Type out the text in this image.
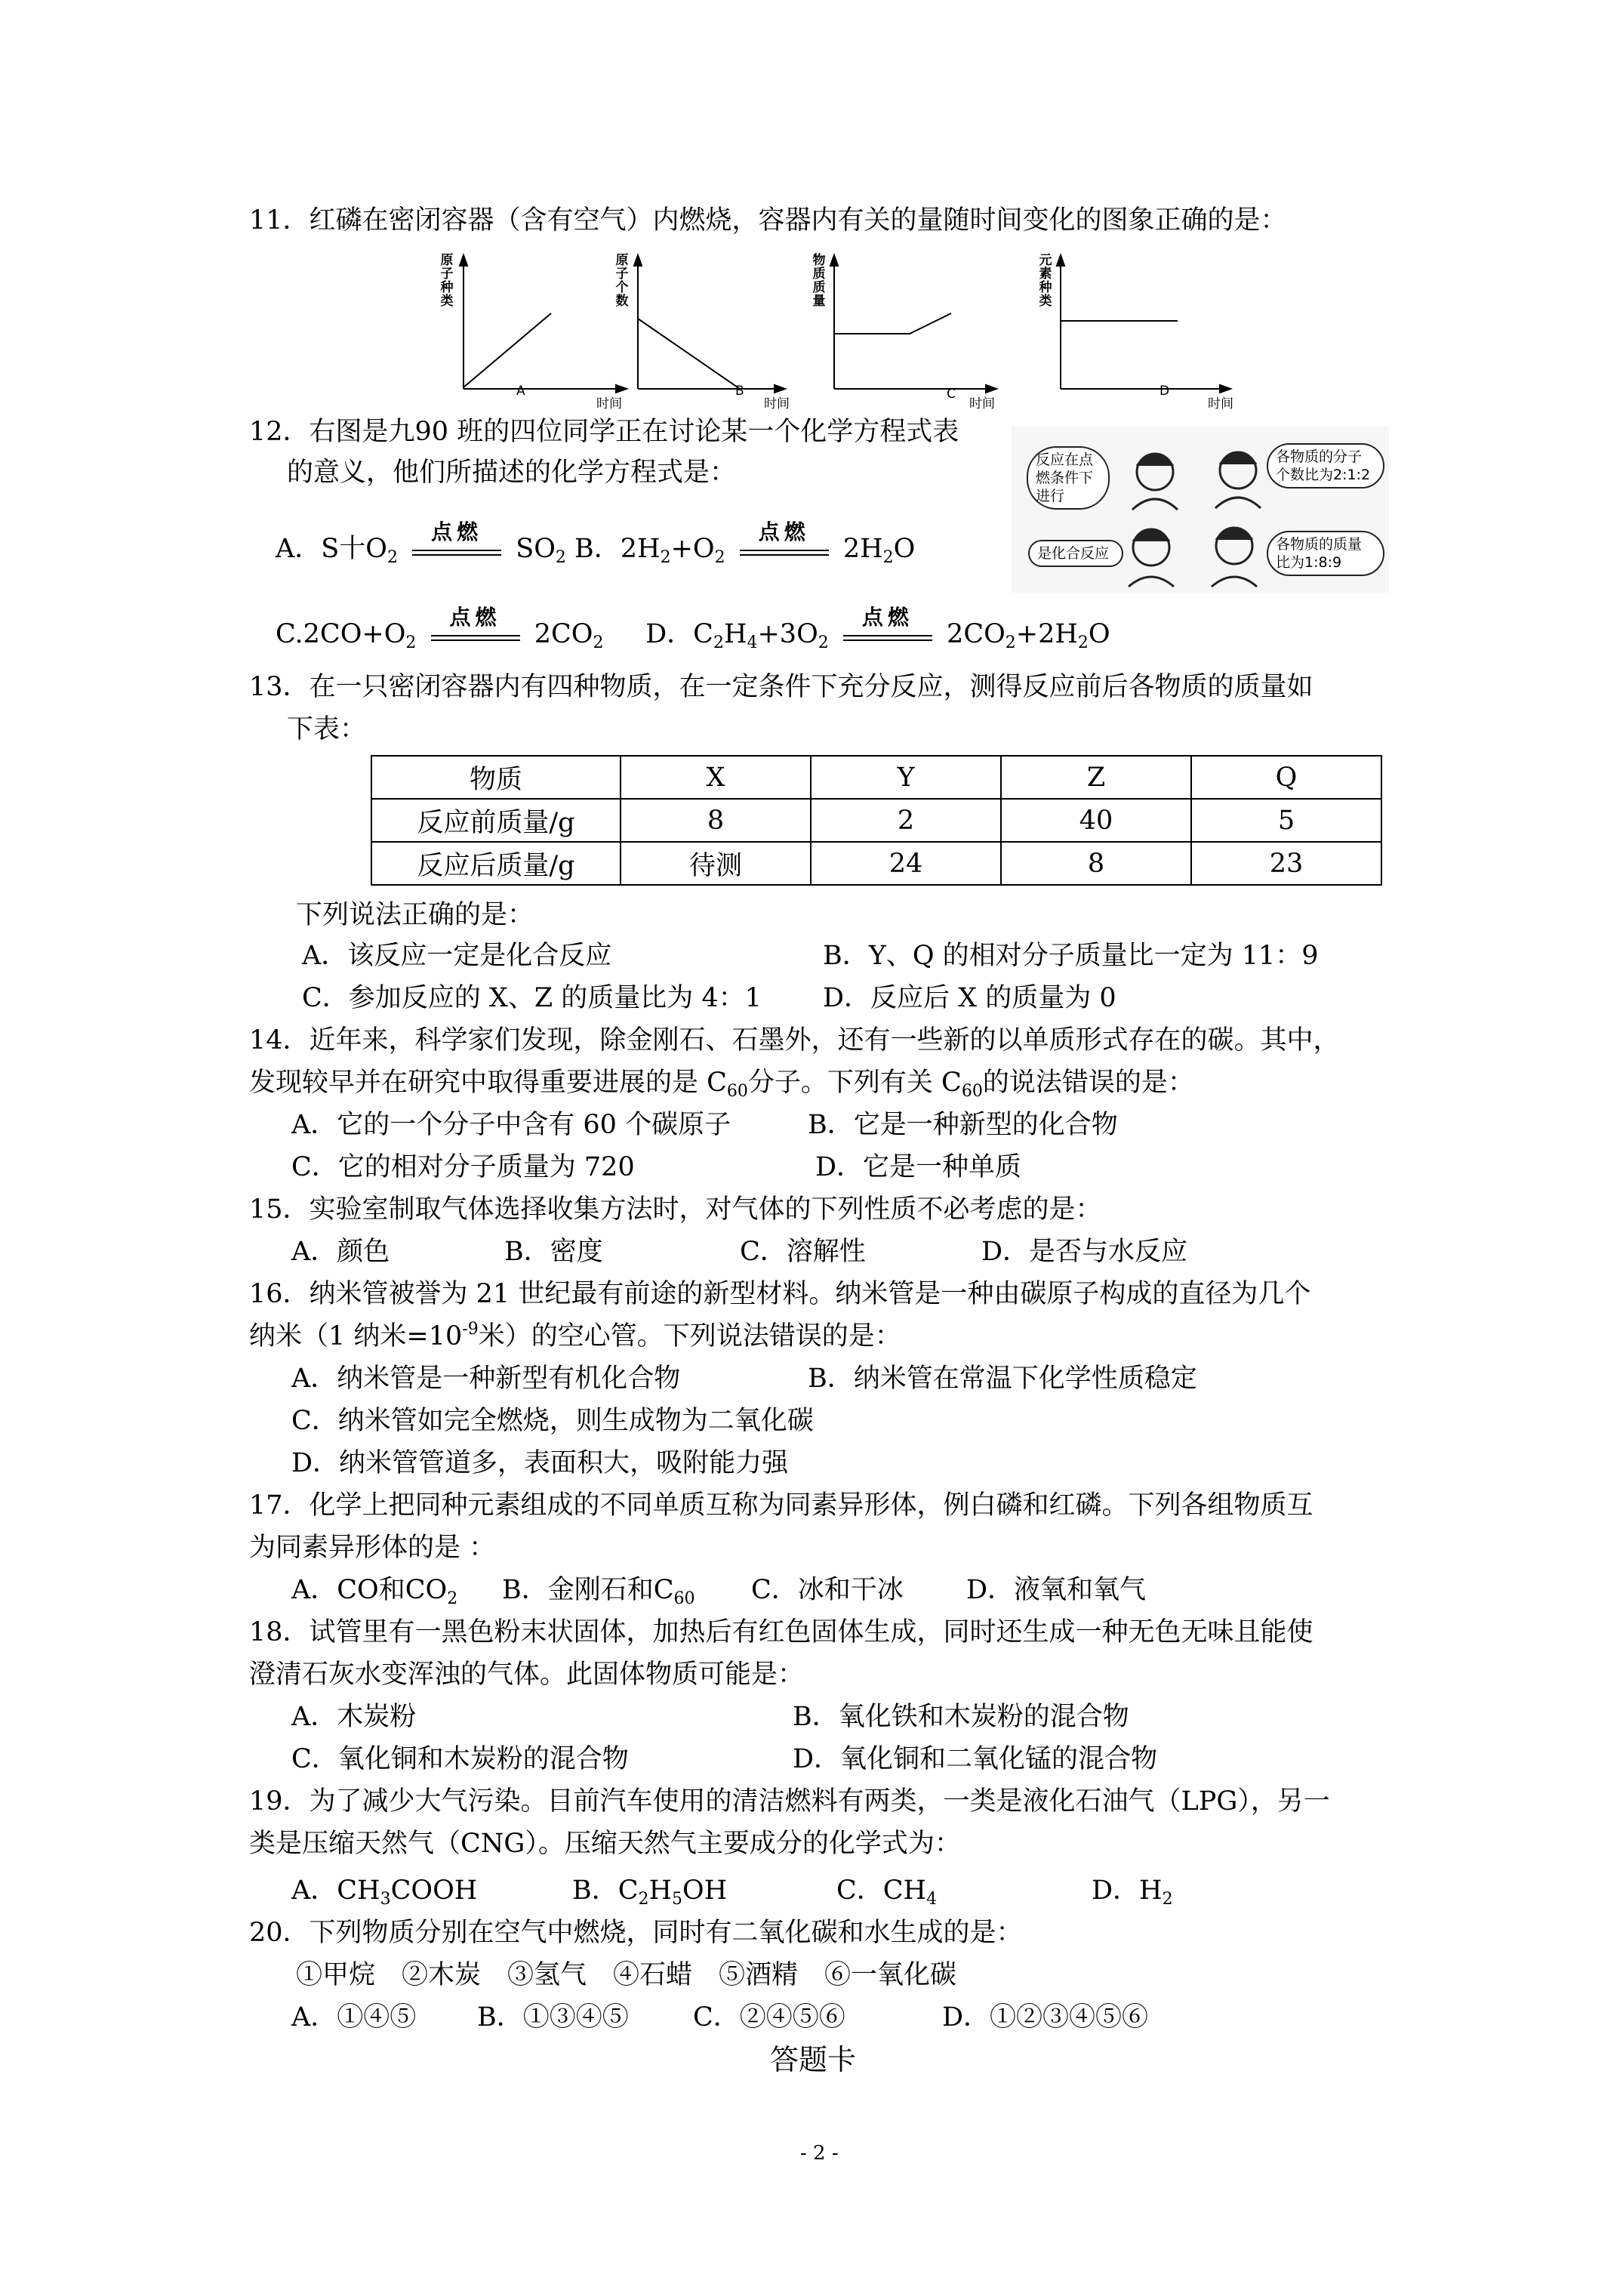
11．红磷在密闭容器（含有空气）内燃烧，容器内有关的量随时间变化的图象正确的是：
原子种类
A
时间
原子个数
B
时间
物质质量
C
时间
元素种类
D
时间
12．右图是九90 班的四位同学正在讨论某一个化学方程式表
的意义，他们所描述的化学方程式是：
A．S十$O_2$
点燃
$SO_2$ B．$2H_2+O_2$
点燃
$2H_2O$
$C.2CO+O_2$
点燃
$2CO_2$ D．$C_2H_4+3O_2$
点燃
$2CO_2+2H_2O$
反应在点燃条件下进行
各物质的分子个数比为2:1:2
是化合反应
各物质的质量比为1:8:9
13．在一只密闭容器内有四种物质，在一定条件下充分反应，测得反应前后各物质的质量如
下表：
物质	X	Y	Z	Q
反应前质量/g	8	2	40	5
反应后质量/g	待测	24	8	23
下列说法正确的是：
A．该反应一定是化合反应	B．Y、Q 的相对分子质量比一定为 11：9
C．参加反应的 X、Z 的质量比为 4：1 D．反应后 X 的质量为 0
14．近年来，科学家们发现，除金刚石、石墨外，还有一些新的以单质形式存在的碳。其中，
发现较早并在研究中取得重要进展的是 $C_{60}$分子。下列有关 $C_{60}$的说法错误的是：
A．它的一个分子中含有 60 个碳原子	B．它是一种新型的化合物
C．它的相对分子质量为 720	D．它是一种单质
15．实验室制取气体选择收集方法时，对气体的下列性质不必考虑的是：
A．颜色	B．密度	C．溶解性	D．是否与水反应
16．纳米管被誉为 21 世纪最有前途的新型材料。纳米管是一种由碳原子构成的直径为几个
纳米（1 纳米$=10^{-9}$米）的空心管。下列说法错误的是：
A．纳米管是一种新型有机化合物	B．纳米管在常温下化学性质稳定
C．纳米管如完全燃烧，则生成物为二氧化碳
D．纳米管管道多，表面积大，吸附能力强
17．化学上把同种元素组成的不同单质互称为同素异形体，例白磷和红磷。下列各组物质互
为同素异形体的是 ：
A．CO和$CO_2$ B．金刚石和$C_{60}$ C．冰和干冰 D．液氧和氧气
18．试管里有一黑色粉末状固体，加热后有红色固体生成，同时还生成一种无色无味且能使
澄清石灰水变浑浊的气体。此固体物质可能是：
A．木炭粉	B．氧化铁和木炭粉的混合物
C．氧化铜和木炭粉的混合物	D．氧化铜和二氧化锰的混合物
19．为了减少大气污染。目前汽车使用的清洁燃料有两类，一类是液化石油气（LPG），另一
类是压缩天然气（CNG）。压缩天然气主要成分的化学式为：
A．$CH_3COOH$	B．$C_2H_5OH$	C．$CH_4$	D．$H_2$
20．下列物质分别在空气中燃烧，同时有二氧化碳和水生成的是：
①甲烷　②木炭　③氢气　④石蜡　⑤酒精　⑥一氧化碳
A．①④⑤ B．①③④⑤ C．②④⑤⑥	D．①②③④⑤⑥
答题卡
- 2 -
